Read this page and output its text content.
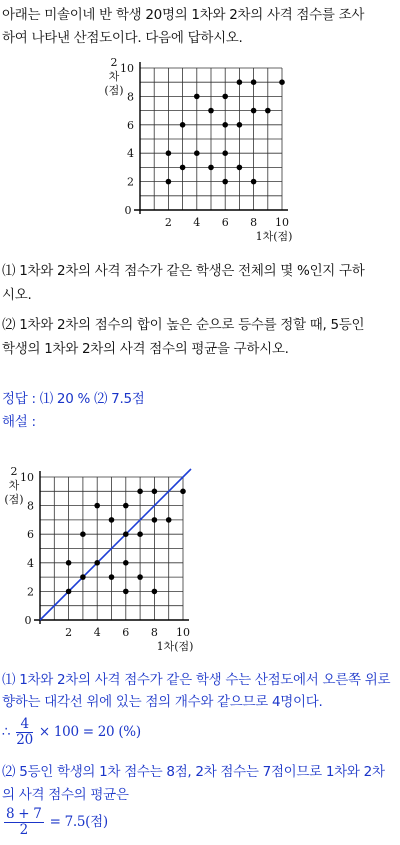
아래는 미솔이네 반 학생 20명의 1차와 2차의 사격 점수를 조사
하여 나타낸 산점도이다. 다음에 답하시오.
0
2 4 6 8 10
2
4
6
8
10
2
차
(점)
1차(점)
⑴ 1차와 2차의 사격 점수가 같은 학생은 전체의 몇 %인지 구하
시오.
⑵ 1차와 2차의 점수의 합이 높은 순으로 등수를 정할 때, 5등인
학생의 1차와 2차의 사격 점수의 평균을 구하시오.
정답 : ⑴ 20 % ⑵ 7.5점
해설 :
0
2 4 6 8 10
2
4
6
8
10
2
차
(점)
1차(점)
⑴ 1차와 2차의 사격 점수가 같은 학생 수는 산점도에서 오른쪽 위로
향하는 대각선 위에 있는 점의 개수와 같으므로 4명이다.
∴ $\frac{4}{20} \times 100 = 20$ (%)
⑵ 5등인 학생의 1차 점수는 8점, 2차 점수는 7점이므로 1차와 2차
의 사격 점수의 평균은
$\frac{8 + 7}{2} = 7.5$(점)
